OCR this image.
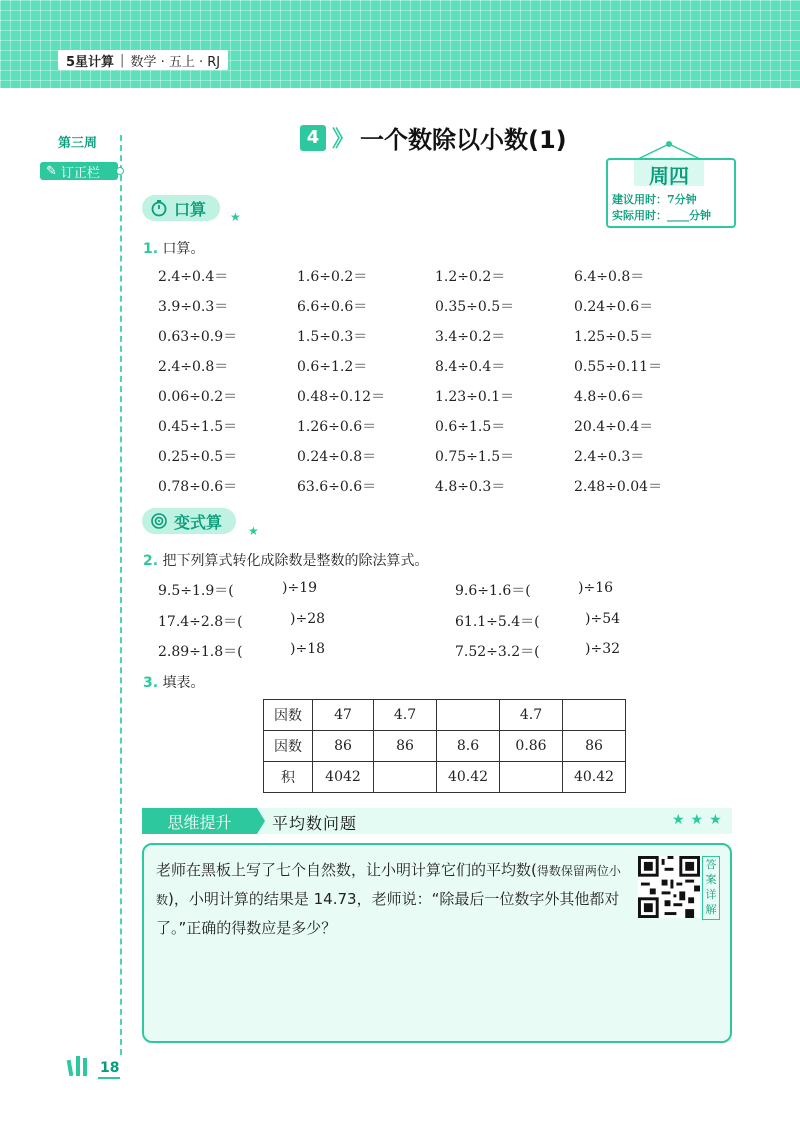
5星计算 | 数学 · 五上 · RJ
第三周
✎ 订正栏
4 》 一个数除以小数(1)
周四
建议用时：7分钟
实际用时：____分钟
口算 ★
1. 口算。
2.4÷0.4＝	1.6÷0.2＝	1.2÷0.2＝	6.4÷0.8＝
3.9÷0.3＝	6.6÷0.6＝	0.35÷0.5＝	0.24÷0.6＝
0.63÷0.9＝	1.5÷0.3＝	3.4÷0.2＝	1.25÷0.5＝
2.4÷0.8＝	0.6÷1.2＝	8.4÷0.4＝	0.55÷0.11＝
0.06÷0.2＝	0.48÷0.12＝	1.23÷0.1＝	4.8÷0.6＝
0.45÷1.5＝	1.26÷0.6＝	0.6÷1.5＝	20.4÷0.4＝
0.25÷0.5＝	0.24÷0.8＝	0.75÷1.5＝	2.4÷0.3＝
0.78÷0.6＝	63.6÷0.6＝	4.8÷0.3＝	2.48÷0.04＝
变式算 ★
2. 把下列算式转化成除数是整数的除法算式。
9.5÷1.9＝(	)÷19	9.6÷1.6＝(	)÷16
17.4÷2.8＝(	)÷28	61.1÷5.4＝(	)÷54
2.89÷1.8＝(	)÷18	7.52÷3.2＝(	)÷32
3. 填表。
因数	47	4.7		4.7	
因数	86	86	8.6	0.86	86
积	4042		40.42		40.42
思维提升	平均数问题	★★★
老师在黑板上写了七个自然数，让小明计算它们的平均数(得数保留两位小数)，小明计算的结果是 14.73，老师说：“除最后一位数字外其他都对了。”正确的得数应是多少？
答案详解
18
